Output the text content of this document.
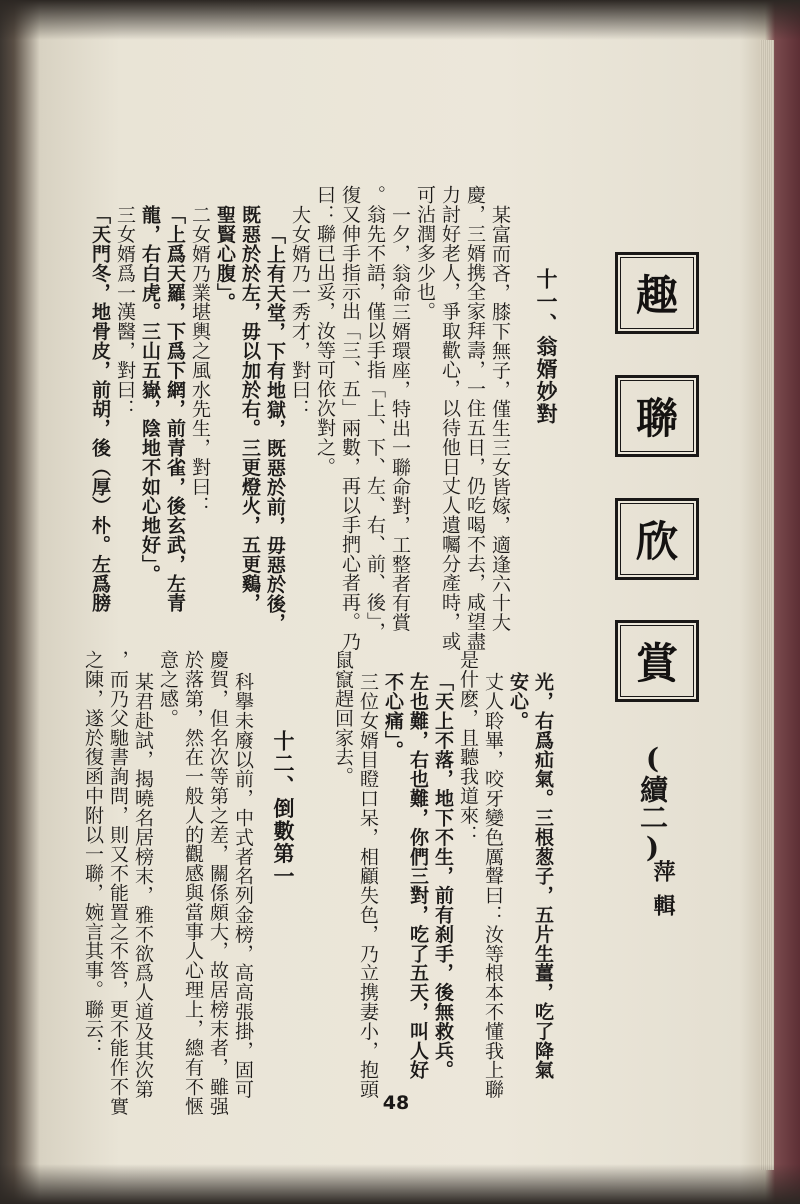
趣
聯
欣
賞
(續二)
萍輯

十一、翁婿妙對

某富而吝，膝下無子，僅生三女皆嫁，適逢六十大

慶，三婿携全家拜壽，一住五日，仍吃喝不去，咸望盡

力討好老人，爭取歡心，以待他日丈人遺囑分產時，或

可沾潤多少也。

一夕，翁命三婿環座，特出一聯命對，工整者有賞

。翁先不語，僅以手指「上、下、左、右、前、後」，

復又伸手指示出「三、五」兩數，再以手捫心者再。乃

曰：聯已出妥，汝等可依次對之。

大女婿乃一秀才，對曰：

「上有天堂，下有地獄，既惡於前，毋惡於後，

既惡於於左，毋以加於右。三更燈火，五更鷄，

聖賢心腹」。

二女婿乃業堪輿之風水先生，對曰：

「上爲天羅，下爲下網，前青雀，後玄武，左青

龍，右白虎。三山五嶽，陰地不如心地好」。

三女婿爲一漢醫，對曰：

「天門冬，地骨皮，前胡，後（厚）朴。左爲膀

光，右爲疝氣。三根葱子，五片生薑，吃了降氣

安心。

丈人聆畢，咬牙變色厲聲曰：汝等根本不懂我上聯

是什麽，且聽我道來：

「天上不落，地下不生，前有刹手，後無救兵。

左也難，右也難，你們三對，吃了五天，叫人好

不心痛」。

三位女婿目瞪口呆，相顧失色，乃立携妻小，抱頭

鼠竄趕回家去。

十二、倒數第一

科擧未廢以前，中式者名列金榜，高高張掛，固可

慶賀，但名次等第之差，關係頗大，故居榜末者，雖强

於落第，然在一般人的觀感與當事人心理上，總有不愜

意之感。

某君赴試，揭曉名居榜末，雅不欲爲人道及其次第

，而乃父馳書詢問，則又不能置之不答，更不能作不實

之陳，遂於復函中附以一聯，婉言其事。聯云：

48
